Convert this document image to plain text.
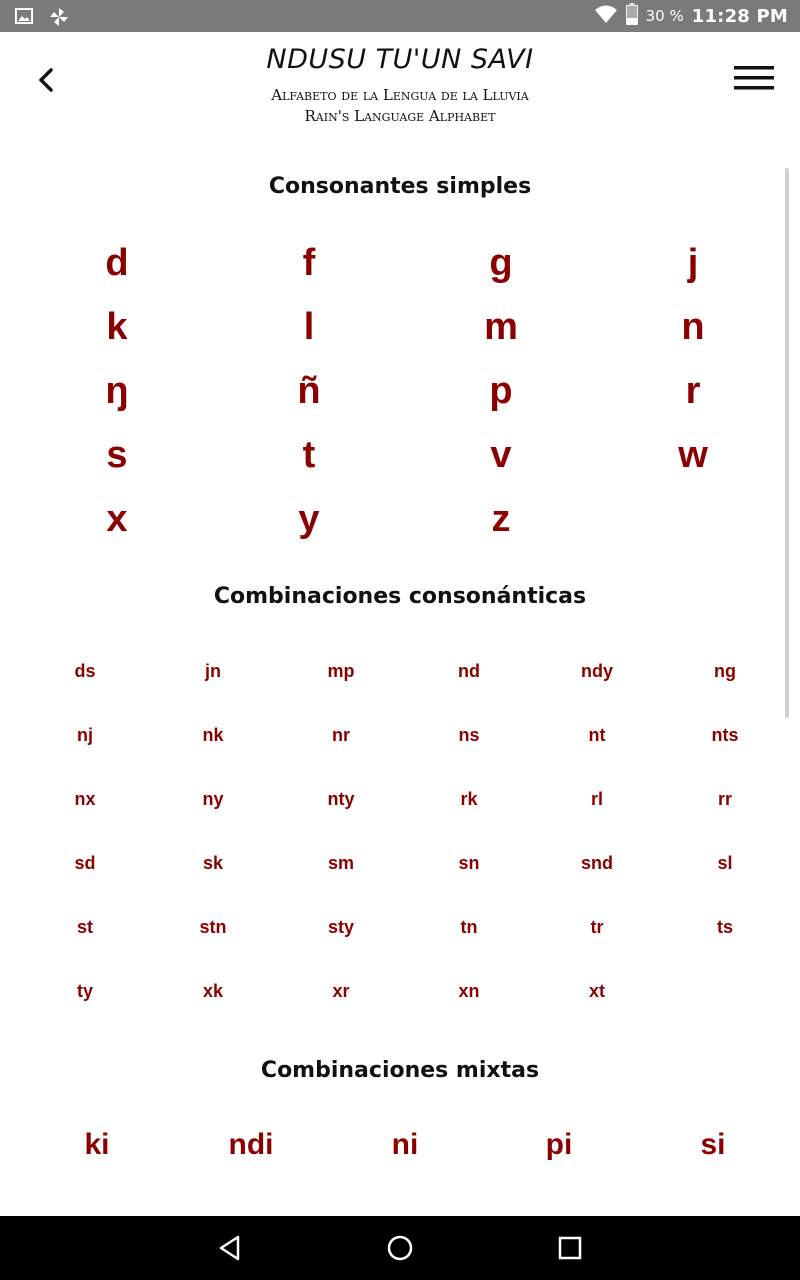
30 % 11:28 PM
NDUSU TU'UN SAVI
Alfabeto de la Lengua de la Lluvia
Rain's Language Alphabet
Consonantes simples
d	f	g	j
k	l	m	n
ŋ	ñ	p	r
s	t	v	w
x	y	z
Combinaciones consonánticas
ds	jn	mp	nd	ndy	ng
nj	nk	nr	ns	nt	nts
nx	ny	nty	rk	rl	rr
sd	sk	sm	sn	snd	sl
st	stn	sty	tn	tr	ts
ty	xk	xr	xn	xt
Combinaciones mixtas
ki	ndi	ni	pi	si
